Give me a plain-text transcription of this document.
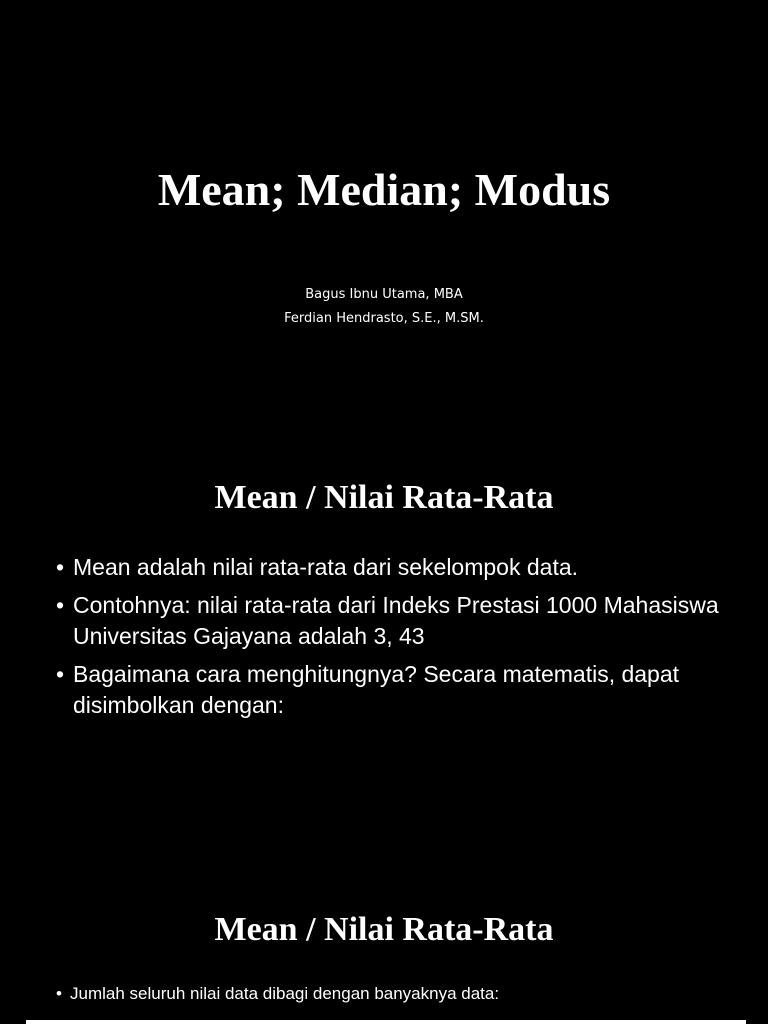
Mean; Median; Modus
Bagus Ibnu Utama, MBA
Ferdian Hendrasto, S.E., M.SM.
Mean / Nilai Rata-Rata
• Mean adalah nilai rata-rata dari sekelompok data.
• Contohnya: nilai rata-rata dari Indeks Prestasi 1000 Mahasiswa Universitas Gajayana adalah 3, 43
• Bagaimana cara menghitungnya? Secara matematis, dapat disimbolkan dengan:
Mean / Nilai Rata-Rata
• Jumlah seluruh nilai data dibagi dengan banyaknya data:
